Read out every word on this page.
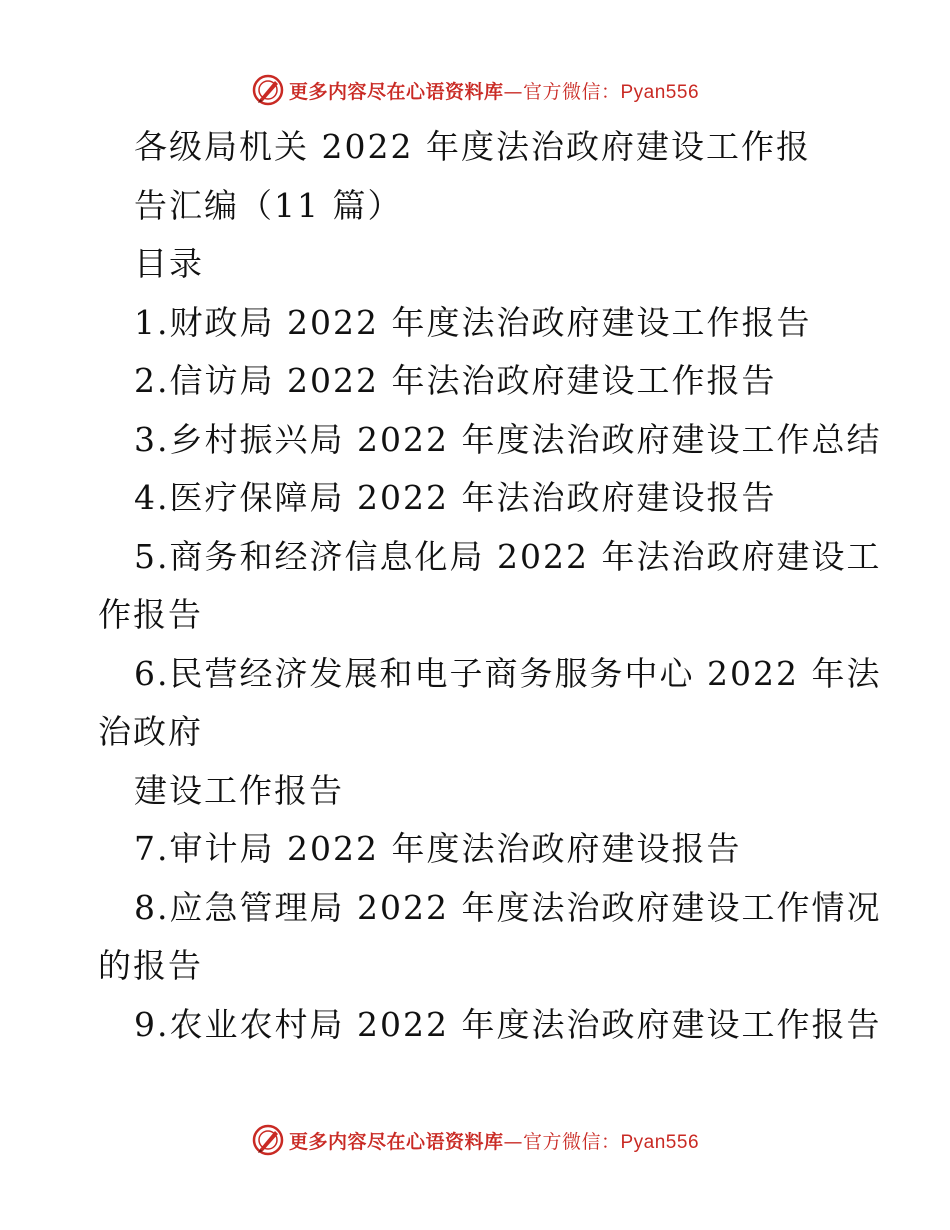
更多内容尽在心语资料库 — 官方微信： Pyan556
各级局机关 2022 年度法治政府建设工作报
告汇编（11 篇）
目录
1.财政局 2022 年度法治政府建设工作报告
2.信访局 2022 年法治政府建设工作报告
3.乡村振兴局 2022 年度法治政府建设工作总结
4.医疗保障局 2022 年法治政府建设报告
5.商务和经济信息化局 2022 年法治政府建设工
作报告
6.民营经济发展和电子商务服务中心 2022 年法
治政府
建设工作报告
7.审计局 2022 年度法治政府建设报告
8.应急管理局 2022 年度法治政府建设工作情况
的报告
9.农业农村局 2022 年度法治政府建设工作报告
更多内容尽在心语资料库 — 官方微信： Pyan556
